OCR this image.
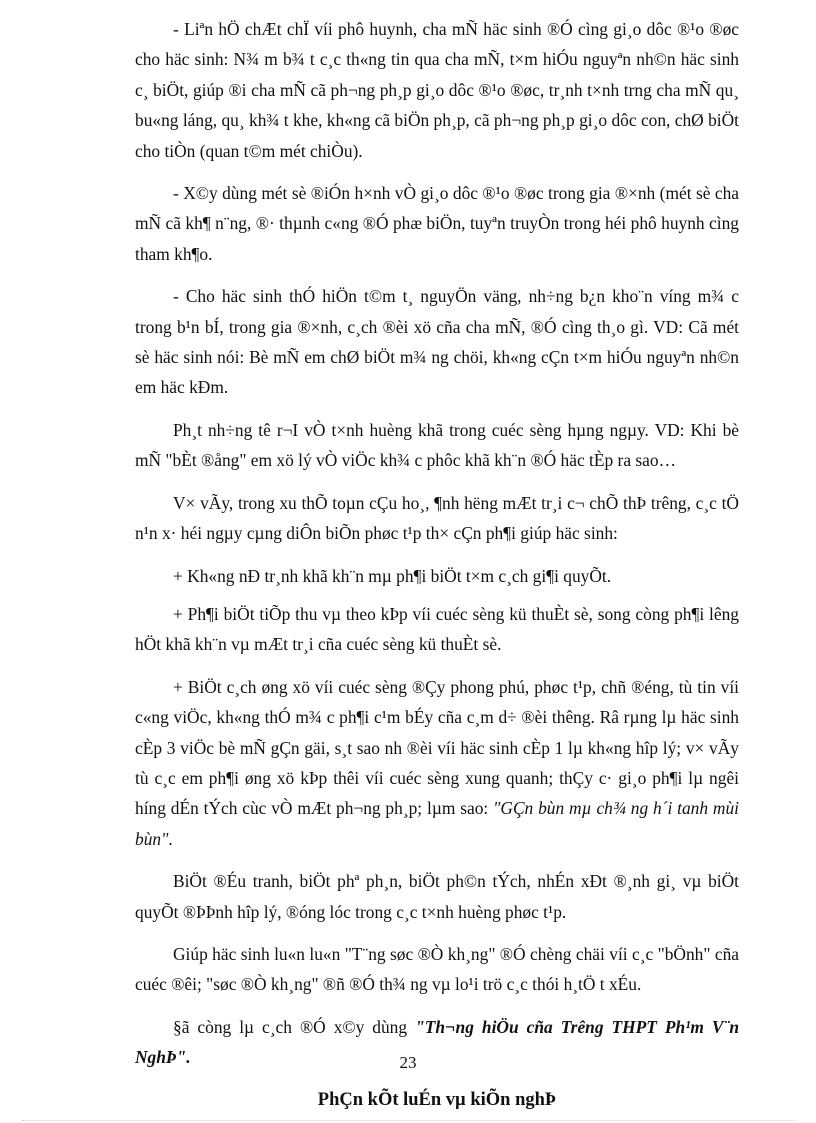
- Liªn hÖ chÆt chÏ víi phô huynh, cha mÑ häc sinh ®Ó cìng gi¸o dôc ®¹o ®øc cho häc sinh: N¾ m b¾ t c¸c th«ng tin qua cha mÑ, t×m hiÓu nguyªn nh©n häc sinh c¸ biÖt, giúp ®i cha mÑ cã ph¬ng ph¸p gi¸o dôc ®¹o ®øc, tr¸nh t×nh trng cha mÑ qu¸ bu«ng láng, qu¸ kh¾ t khe, kh«ng cã biÖn ph¸p, cã ph¬ng ph¸p gi¸o dôc con, chØ biÖt cho tiÒn (quan t©m mét chiÒu).

- X©y dùng mét sè ®iÓn h×nh vÒ gi¸o dôc ®¹o ®øc trong gia ®×nh (mét sè cha mÑ cã kh¶ n¨ng, ®· thµnh c«ng ®Ó phæ biÖn, tuyªn truyÒn trong héi phô huynh cìng tham kh¶o.

- Cho häc sinh thÓ hiÖn t©m t¸ nguyÖn väng, nh÷ng b¿n kho¨n víng m¾ c trong b¹n bÍ, trong gia ®×nh, c¸ch ®èi xö cña cha mÑ, ®Ó cìng th¸o gì. VD: Cã mét sè häc sinh nói: Bè mÑ em chØ biÖt m¾ ng chöi, kh«ng cÇn t×m hiÓu nguyªn nh©n em häc kÐm.

Ph¸t nh÷ng tê r¬I vÒ t×nh huèng khã trong cuéc sèng hµng ngµy. VD: Khi bè mÑ "bÈt ®ång" em xö lý vÒ viÖc kh¾ c phôc khã kh¨n ®Ó häc tÈp ra sao…

V× vÃy, trong xu thÕ toµn cÇu ho¸, ¶nh hëng mÆt tr¸i c¬ chÕ thÞ trêng, c¸c tÖ n¹n x· héi ngµy cµng diÔn biÕn phøc t¹p th× cÇn ph¶i giúp häc sinh:

+ Kh«ng nÐ tr¸nh khã kh¨n mµ ph¶i biÖt t×m c¸ch gi¶i quyÕt.

+ Ph¶i biÖt tiÕp thu vµ theo kÞp víi cuéc sèng kü thuÈt sè, song còng ph¶i lêng hÖt khã kh¨n vµ mÆt tr¸i cña cuéc sèng kü thuÈt sè.

+ BiÖt c¸ch øng xö víi cuéc sèng ®Çy phong phú, phøc t¹p, chñ ®éng, tù tin víi c«ng viÖc, kh«ng thÓ m¾ c ph¶i c¹m bÉy cña c¸m d÷ ®èi thêng. Râ rµng lµ häc sinh cÈp 3 viÖc bè mÑ gÇn gäi, s¸t sao nh ®èi víi häc sinh cÈp 1 lµ kh«ng hîp lý; v× vÃy tù c¸c em ph¶i øng xö kÞp thêi víi cuéc sèng xung quanh; thÇy c· gi¸o ph¶i lµ ngêi híng dÉn tÝch cùc vÒ mÆt ph¬ng ph¸p; lµm sao: "GÇn bùn mµ ch¾ ng h´i tanh mùi bùn".

BiÖt ®Éu tranh, biÖt phª ph¸n, biÖt ph©n tÝch, nhÉn xÐt ®¸nh gi¸ vµ biÖt quyÕt ®ÞÞnh hîp lý, ®óng lóc trong c¸c t×nh huèng phøc t¹p.

Giúp häc sinh lu«n lu«n "T¨ng søc ®Ò kh¸ng" ®Ó chèng chäi víi c¸c "bÖnh" cña cuéc ®êi; "søc ®Ò kh¸ng" ®ñ ®Ó th¾ ng vµ lo¹i trö c¸c thói h¸tÖ t xÉu.

§ã còng lµ c¸ch ®Ó x©y dùng "Th¬ng hiÖu cña Trêng THPT Ph¹m V¨n NghÞ".

PhÇn kÕt luÉn vµ kiÕn nghÞ
23
